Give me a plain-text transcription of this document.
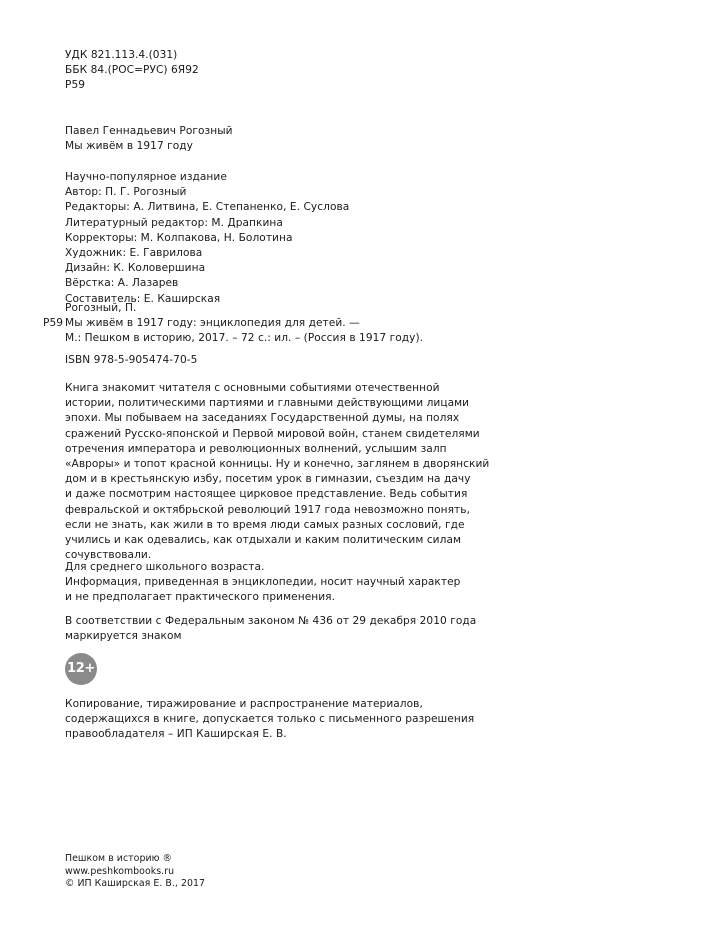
УДК 821.113.4.(031)
ББК 84.(РОС=РУС) 6Я92
Р59
Павел Геннадьевич Рогозный
Мы живём в 1917 году
Научно-популярное издание
Автор: П. Г. Рогозный
Редакторы: А. Литвина, Е. Степаненко, Е. Суслова
Литературный редактор: М. Драпкина
Корректоры: М. Колпакова, Н. Болотина
Художник: Е. Гаврилова
Дизайн: К. Коловершина
Вёрстка: А. Лазарев
Составитель: Е. Каширская
Рогозный, П.
Мы живём в 1917 году: энциклопедия для детей. —
М.: Пешком в историю, 2017. – 72 с.: ил. – (Россия в 1917 году).
Р59
ISBN 978-5-905474-70-5
Книга знакомит читателя с основными событиями отечественной
истории, политическими партиями и главными действующими лицами
эпохи. Мы побываем на заседаниях Государственной думы, на полях
сражений Русско-японской и Первой мировой войн, станем свидетелями
отречения императора и революционных волнений, услышим залп
«Авроры» и топот красной конницы. Ну и конечно, заглянем в дворянский
дом и в крестьянскую избу, посетим урок в гимназии, съездим на дачу
и даже посмотрим настоящее цирковое представление. Ведь события
февральской и октябрьской революций 1917 года невозможно понять,
если не знать, как жили в то время люди самых разных сословий, где
учились и как одевались, как отдыхали и каким политическим силам
сочувствовали.
Для среднего школьного возраста.
Информация, приведенная в энциклопедии, носит научный характер
и не предполагает практического применения.
В соответствии с Федеральным законом № 436 от 29 декабря 2010 года
маркируется знаком
12+
Копирование, тиражирование и распространение материалов,
содержащихся в книге, допускается только с письменного разрешения
правообладателя – ИП Каширская Е. В.
Пешком в историю ®
www.peshkombooks.ru
© ИП Каширская Е. В., 2017
